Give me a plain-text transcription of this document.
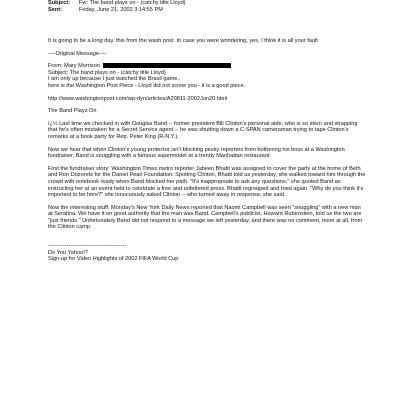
Subject:	Fw: The band plays on - (catchy title Lloyd)
Sent:	Friday, June 21, 2002 3:14:55 PM

It is going to be a long day, this from the wash post. In case you were wondering, yes, I think it is all your fault

----Original Message----

From: Mary Morrison

Subject: The band plays on - (catchy title Lloyd)

I am only up because I just watched the Brasil game..

here is the Washington Post Piece - Lloyd did not screw you - it is a good piece.

http://www.washingtonpost.com/wp-dyn/articles/A20811-2002Jun20.html

The Band Plays On

ï¿½ Last time we checked in with Douglas Band -- former president Bill Clinton's personal aide, who is so stern and strapping that he's often mistaken for a Secret Service agent -- he was shutting down a C-SPAN cameraman trying to tape Clinton's remarks at a book party for Rep. Peter King (R-N.Y.).

Now we hear that when Clinton's young protector isn't blocking pesky reporters from bothering his boss at a Washington fundraiser, Band is snuggling with a famous supermodel at a trendy Manhattan restaurant.

First the fundraiser story: Washington Times metro reporter Jabeen Bhatti was assigned to cover the party at the home of Beth and Ron Dozoretz for the Daniel Pearl Foundation. Spotting Clinton, Bhatti told us yesterday, she walked toward him through the crowd with notebook ready when Band blocked her path. "It's inappropriate to ask any questions," she quoted Band as instructing her at an event held to celebrate a free and unfettered press. Bhatti regrouped and tried again. "Why do you think it's important to be here?" she innocuously asked Clinton -- who turned away in response, she said.

Now the interesting stuff: Monday's New York Daily News reported that Naomi Campbell was seen "snuggling" with a new man at Serafina. We have it on good authority that the man was Band. Campbell's publicist, Howard Rubenstein, told us the two are "just friends." Unfortunately Band did not respond to a message we left yesterday, and there was no comment, none at all, from the Clinton camp.

------------------------------------------

Do You Yahoo!?

Sign-up for Video Highlights of 2002 FIFA World Cup
